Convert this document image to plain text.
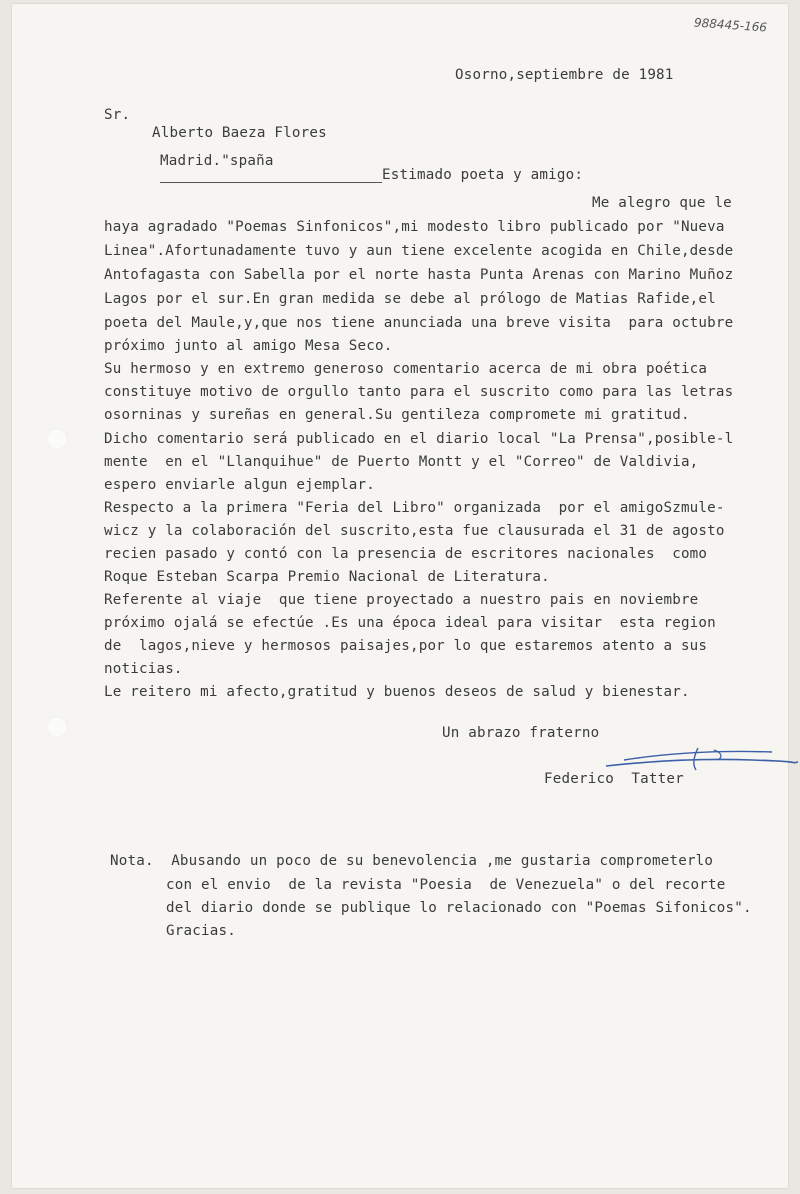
988445-166
Osorno,septiembre de 1981
Sr.
Alberto Baeza Flores
Madrid."spaña
Estimado poeta y amigo:
Me alegro que le
haya agradado "Poemas Sinfonicos",mi modesto libro publicado por "Nueva
Linea".Afortunadamente tuvo y aun tiene excelente acogida en Chile,desde
Antofagasta con Sabella por el norte hasta Punta Arenas con Marino Muñoz
Lagos por el sur.En gran medida se debe al prólogo de Matias Rafide,el
poeta del Maule,y,que nos tiene anunciada una breve visita  para octubre
próximo junto al amigo Mesa Seco.
Su hermoso y en extremo generoso comentario acerca de mi obra poética
constituye motivo de orgullo tanto para el suscrito como para las letras
osorninas y sureñas en general.Su gentileza compromete mi gratitud.
Dicho comentario será publicado en el diario local "La Prensa",posible-l
mente  en el "Llanquihue" de Puerto Montt y el "Correo" de Valdivia,
espero enviarle algun ejemplar.
Respecto a la primera "Feria del Libro" organizada  por el amigoSzmule-
wicz y la colaboración del suscrito,esta fue clausurada el 31 de agosto
recien pasado y contó con la presencia de escritores nacionales  como
Roque Esteban Scarpa Premio Nacional de Literatura.
Referente al viaje  que tiene proyectado a nuestro pais en noviembre
próximo ojalá se efectúe .Es una época ideal para visitar  esta region
de  lagos,nieve y hermosos paisajes,por lo que estaremos atento a sus
noticias.
Le reitero mi afecto,gratitud y buenos deseos de salud y bienestar.
Un abrazo fraterno
Federico  Tatter
Nota.  Abusando un poco de su benevolencia ,me gustaria comprometerlo
con el envio  de la revista "Poesia  de Venezuela" o del recorte
del diario donde se publique lo relacionado con "Poemas Sifonicos".
Gracias.
